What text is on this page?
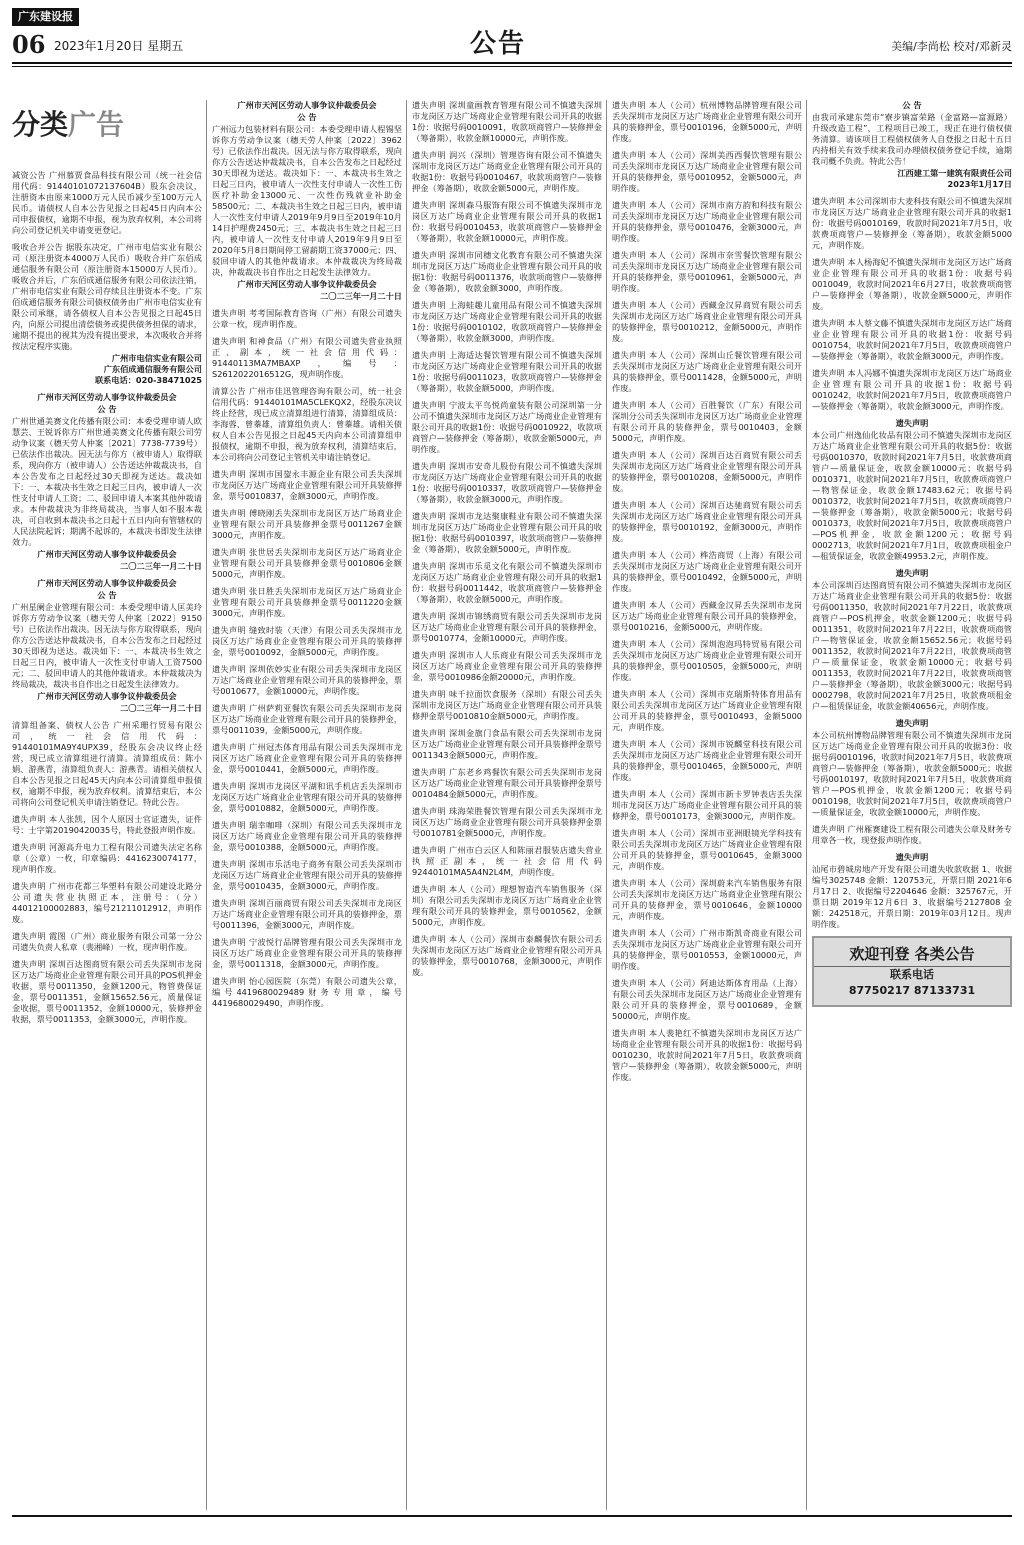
广东建设报
06 2023年1月20日 星期五	公告	美编/李尚松 校对/邓新灵
分类广告

减资公告 广州慕贾食品科技有限公司（统一社会信用代码：91440101072137604B）股东会决议，注册资本由原来1000万元人民币减少至100万元人民币。请债权人自本公告见报之日起45日内向本公司申报债权，逾期不申报，视为放弃权利，本公司将向公司登记机关申请变更登记。

吸收合并公告 据股东决定，广州市电信实业有限公司（原注册资本4000万人民币）吸收合并广东佰成通信服务有限公司（原注册资本15000万人民币）。吸收合并后，广东佰成通信服务有限公司依法注销，广州市电信实业有限公司存续且注册资本不变。广东佰成通信服务有限公司债权债务由广州市电信实业有限公司承继，请各债权人自本公告见报之日起45日内，向原公司提出清偿债务或提供债务担保的请求，逾期不提出的视其为没有提出要求，本次吸收合并将按法定程序实施。

广州市电信实业有限公司
广东佰成通信服务有限公司
联系电话：020-38471025
广州市天河区劳动人事争议仲裁委员会
公 告

广州世通美赛文化传播有限公司：本委受理申请人欧慧芸、王锐诉你方广州世通美赛文化传播有限公司劳动争议案（穗天劳人仲案〔2021〕7738-7739号）已依法作出裁决。因无法与你方（被申请人）取得联系，现向你方（被申请人）公告送达仲裁裁决书，自本公告发布之日起经过30天即视为送达。裁决如下：一、本裁决书生效之日起三日内，被申请人一次性支付申请人工资；二、驳回申请人本案其他仲裁请求。本仲裁裁决为非终局裁决，当事人如不服本裁决，可自收到本裁决书之日起十五日内向有管辖权的人民法院起诉；期满不起诉的，本裁决书即发生法律效力。

广州市天河区劳动人事争议仲裁委员会
二〇二三年一月二十日
广州市天河区劳动人事争议仲裁委员会
公 告

广州星阑企业管理有限公司：本委受理申请人匡美玲诉你方劳动争议案（穗天劳人仲案〔2022〕9150号）已依法作出裁决。因无法与你方取得联系，现向你方公告送达仲裁裁决书，自本公告发布之日起经过30天即视为送达。裁决如下：一、本裁决书生效之日起三日内，被申请人一次性支付申请人工资7500元；二、驳回申请人的其他仲裁请求。本仲裁裁决为终局裁决，裁决书自作出之日起发生法律效力。

广州市天河区劳动人事争议仲裁委员会
二〇二三年一月二十日

清算组备案、债权人公告 广州采珊行贸易有限公司，统一社会信用代码：91440101MA9Y4UPX39，经股东会决议终止经营，现已成立清算组进行清算。清算组成员：陈小娟、游燕青，清算组负责人：游燕青。请相关债权人自本公告见报之日起45天内向本公司清算组申报债权，逾期不申报，视为放弃权利。清算结束后，本公司将向公司登记机关申请注销登记。特此公告。

遗失声明 本人张凯，因个人原因士官证遗失，证件号：士字第20190420035号，特此登报声明作废。

遗失声明 河源高升电力工程有限公司遗失法定名称章（公章）一枚，印章编码：4416230074177，现声明作废。

遗失声明 广州市花都三华塑料有限公司建设北路分公司遗失营业执照正本，注册号：（分）44012100002883，编号21211012912，声明作废。

遗失声明 霞图（广州）商业服务有限公司第一分公司遗失负责人私章（裴湘峰）一枚，现声明作废。

遗失声明 深圳百达图商贸有限公司丢失深圳市龙岗区万达广场商业企业管理有限公司开具的POS机押金收据，票号0011350，金额1200元，物管费保证金，票号0011351，金额15652.56元，质量保证金收据，票号0011352，金额10000元，装修押金收据，票号0011353，金额3000元，声明作废。

广州市天河区劳动人事争议仲裁委员会
公 告

广州远力包装材料有限公司：本委受理申请人程锡坚诉你方劳动争议案（穗天劳人仲案〔2022〕3962号）已依法作出裁决。因无法与你方取得联系，现向你方公告送达仲裁裁决书，自本公告发布之日起经过30天即视为送达。裁决如下：一、本裁决书生效之日起三日内，被申请人一次性支付申请人一次性工伤医疗补助金13000元、一次性伤残就业补助金58500元；二、本裁决书生效之日起三日内，被申请人一次性支付申请人2019年9月9日至2019年10月14日护理费2450元；三、本裁决书生效之日起三日内，被申请人一次性支付申请人2019年9月9日至2020年5月8日期间停工留薪期工资37000元；四、驳回申请人的其他仲裁请求。本仲裁裁决为终局裁决，仲裁裁决书自作出之日起发生法律效力。

广州市天河区劳动人事争议仲裁委员会
二〇二三年一月二十日

遗失声明 考考国际教育咨询（广州）有限公司遗失公章一枚，现声明作废。

遗失声明 和神食品（广州）有限公司遗失营业执照正、副本，统一社会信用代码：91440113MA7MBAXP，编号：S2612022016512G，现声明作废。

清算公告 广州市佳迅管理咨询有限公司，统一社会信用代码：91440101MA5CLEKQX2，经股东决议终止经营，现已成立清算组进行清算，清算组成员：李海蓉、曾蓁雄，清算组负责人：曾蓁雄。请相关债权人自本公告见报之日起45天内向本公司清算组申报债权，逾期不申报，视为放弃权利，清算结束后，本公司将向公司登记主管机关申请注销登记。

遗失声明 深圳市国鋆永丰源企业有限公司丢失深圳市龙岗区万达广场商业企业管理有限公司开具装修押金，票号0010837，金额3000元，声明作废。

遗失声明 傅晓刚丢失深圳市龙岗区万达广场商业企业管理有限公司开具装修押金票号0011267金额3000元，声明作废。

遗失声明 张世居丢失深圳市龙岗区万达广场商业企业管理有限公司开具装修押金票号0010806金额5000元，声明作废。

遗失声明 张日胜丢失深圳市龙岗区万达广场商业企业管理有限公司开具装修押金票号0011220金额3000元，声明作废。

遗失声明 缝致时装（天津）有限公司丢失深圳市龙岗区万达广场商业企业管理有限公司开具的装修押金，票号0010092，金额5000元，声明作废。

遗失声明 深圳依妙实业有限公司丢失深圳市龙岗区万达广场商业企业管理有限公司开具的装修押金，票号0010677，金额10000元，声明作废。

遗失声明 广州萨莉亚餐饮有限公司丢失深圳市龙岗区万达广场商业企业管理有限公司开具的装修押金，票号0011039，金额5000元，声明作废。

遗失声明 广州冠杰体育用品有限公司丢失深圳市龙岗区万达广场商业企业管理有限公司开具的装修押金，票号0010441，金额5000元，声明作废。

遗失声明 深圳市龙岗区平湖和讯手机店丢失深圳市龙岗区万达广场商业企业管理有限公司开具的装修押金，票号0010882，金额5000元，声明作废。

遗失声明 瑞幸咖啡（深圳）有限公司丢失深圳市龙岗区万达广场商业企业管理有限公司开具的装修押金，票号0010388，金额5000元，声明作废。

遗失声明 深圳市乐活电子商务有限公司丢失深圳市龙岗区万达广场商业企业管理有限公司开具的装修押金，票号0010435，金额3000元，声明作废。

遗失声明 深圳百丽商贸有限公司丢失深圳市龙岗区万达广场商业企业管理有限公司开具的装修押金，票号0011396，金额3000元，声明作废。

遗失声明 宁波悦行品牌管理有限公司丢失深圳市龙岗区万达广场商业企业管理有限公司开具的装修押金，票号0011318，金额3000元，声明作废。

遗失声明 怡心园医院（东莞）有限公司遗失公章，编号4419680029489财务专用章，编号4419680029490，声明作废。

遗失声明 深圳童画教育管理有限公司不慎遗失深圳市龙岗区万达广场商业企业管理有限公司开具的收据1份：收据号码0010091，收款项商管户—装修押金（筹备期），收款金额10000元，声明作废。

遗失声明 润兴（深圳）管理咨询有限公司不慎遗失深圳市龙岗区万达广场商业企业管理有限公司开具的收据1份：收据号码0010467，收款项商管户—装修押金（筹备期），收款金额5000元，声明作废。

遗失声明 深圳森马服饰有限公司不慎遗失深圳市龙岗区万达广场商业企业管理有限公司开具的收据1份：收据号码0010453，收款项商管户—装修押金（筹备期），收款金额10000元，声明作废。

遗失声明 深圳市同穗文化教育有限公司不慎遗失深圳市龙岗区万达广场商业企业管理有限公司开具的收据1份：收据号码0011376，收款项商管户—装修押金（筹备期），收款金额3000，声明作废。

遗失声明 上海蛙趣儿童用品有限公司不慎遗失深圳市龙岗区万达广场商业企业管理有限公司开具的收据1份：收据号码0010102，收款项商管户—装修押金（筹备期），收款金额3000，声明作废。

遗失声明 上海适达餐饮管理有限公司不慎遗失深圳市龙岗区万达广场商业企业管理有限公司开具的收据1份：收据号码0011023，收款项商管户—装修押金（筹备期），收款金额5000，声明作废。

遗失声明 宁波太平鸟悦尚童装有限公司深圳第一分公司不慎遗失深圳市龙岗区万达广场商业企业管理有限公司开具的收据1份：收据号码0010922，收款项商管户—装修押金（筹备期），收款金额5000元，声明作废。

遗失声明 深圳市安奇儿股份有限公司不慎遗失深圳市龙岗区万达广场商业企业管理有限公司开具的收据1份：收据号码0010337，收款项商管户—装修押金（筹备期），收款金额3000元，声明作废。

遗失声明 深圳市龙达聚康鞋业有限公司不慎遗失深圳市龙岗区万达广场商业企业管理有限公司开具的收据1份：收据号码0010397，收款项商管户—装修押金（筹备期），收款金额5000元，声明作废。

遗失声明 深圳市乐觅文化有限公司不慎遗失深圳市龙岗区万达广场商业企业管理有限公司开具的收据1份：收据号码0011442，收款项商管户—装修押金（筹备期），收款金额5000元，声明作废。

遗失声明 深圳市锦绣商贸有限公司丢失深圳市龙岗区万达广场商业企业管理有限公司开具的装修押金，票号0010774，金额10000元，声明作废。

遗失声明 深圳市人人乐商业有限公司丢失深圳市龙岗区万达广场商业企业管理有限公司开具的装修押金，票号0010986金额20000元，声明作废。

遗失声明 味千拉面饮食服务（深圳）有限公司丢失深圳市龙岗区万达广场商业企业管理有限公司开具装修押金票号0010810金额5000元，声明作废。

遗失声明 深圳金旗门食品有限公司丢失深圳市龙岗区万达广场商业企业管理有限公司开具装修押金票号0011343金额5000元，声明作废。

遗失声明 广东老乡鸡餐饮有限公司丢失深圳市龙岗区万达广场商业企业管理有限公司开具装修押金票号0010484金额5000元，声明作废。

遗失声明 珠海荣胜餐饮管理有限公司丢失深圳市龙岗区万达广场商业企业管理有限公司开具装修押金票号0010781金额5000元，声明作废。

遗失声明 广州市白云区人和陈丽君服装店遗失营业执照正副本，统一社会信用代码92440101MA5A4N2L4M，声明作废。

遗失声明 本人（公司）理想智造汽车销售服务（深圳）有限公司丢失深圳市龙岗区万达广场商业企业管理有限公司开具的装修押金，票号0010562，金额5000元，声明作废。

遗失声明 本人（公司）深圳市泰麟餐饮有限公司丢失深圳市龙岗区万达广场商业企业管理有限公司开具的装修押金，票号0010768，金额3000元，声明作废。

遗失声明 本人（公司）杭州博物品牌管理有限公司丢失深圳市龙岗区万达广场商业企业管理有限公司开具的装修押金，票号0010196，金额5000元，声明作废。

遗失声明 本人（公司）深圳美西西餐饮管理有限公司丢失深圳市龙岗区万达广场商业企业管理有限公司开具的装修押金，票号0010952，金额5000元，声明作废。

遗失声明 本人（公司）深圳市南方韵和科技有限公司丢失深圳市龙岗区万达广场商业企业管理有限公司开具的装修押金，票号0010476，金额3000元，声明作废。

遗失声明 本人（公司）深圳市奈雪餐饮管理有限公司丢失深圳市龙岗区万达广场商业企业管理有限公司开具的装修押金，票号0010961，金额5000元，声明作废。

遗失声明 本人（公司）西藏金汉昇商贸有限公司丢失深圳市龙岗区万达广场商业企业管理有限公司开具的装修押金，票号0010212，金额5000元，声明作废。

遗失声明 本人（公司）深圳山丘餐饮管理有限公司丢失深圳市龙岗区万达广场商业企业管理有限公司开具的装修押金，票号0011428，金额5000元，声明作废。

遗失声明 本人（公司）百胜餐饮（广东）有限公司深圳分公司丢失深圳市龙岗区万达广场商业企业管理有限公司开具的装修押金，票号0010403，金额5000元，声明作废。

遗失声明 本人（公司）深圳百达百商贸有限公司丢失深圳市龙岗区万达广场商业企业管理有限公司开具的装修押金，票号0010208，金额5000元，声明作废。

遗失声明 本人（公司）深圳百达驰商贸有限公司丢失深圳市龙岗区万达广场商业企业管理有限公司开具的装修押金，票号0010192，金额3000元，声明作废。

遗失声明 本人（公司）桦浩商贸（上海）有限公司丢失深圳市龙岗区万达广场商业企业管理有限公司开具的装修押金，票号0010492，金额5000元，声明作废。

遗失声明 本人（公司）西藏金汉昇丢失深圳市龙岗区万达广场商业企业管理有限公司开具的装修押金，票号0010216，金额5000元，声明作废。

遗失声明 本人（公司）深圳泡泡玛特贸易有限公司丢失深圳市龙岗区万达广场商业企业管理有限公司开具的装修押金，票号0010505，金额5000元，声明作废。

遗失声明 本人（公司）深圳市克瑞斯特体育用品有限公司丢失深圳市龙岗区万达广场商业企业管理有限公司开具的装修押金，票号0010493，金额5000元，声明作废。

遗失声明 本人（公司）深圳市锐麟堂科技有限公司丢失深圳市龙岗区万达广场商业企业管理有限公司开具的装修押金，票号0010465，金额5000元，声明作废。

遗失声明 本人（公司）深圳市新卡罗钟表店丢失深圳市龙岗区万达广场商业企业管理有限公司开具的装修押金，票号0010173，金额3000元，声明作废。

遗失声明 本人（公司）深圳市亚洲眼镜光学科技有限公司丢失深圳市龙岗区万达广场商业企业管理有限公司开具的装修押金，票号0010645，金额3000元，声明作废。

遗失声明 本人（公司）深圳蔚来汽车销售服务有限公司丢失深圳市龙岗区万达广场商业企业管理有限公司开具的装修押金，票号0010646，金额10000元，声明作废。

遗失声明 本人（公司）广州市斯凯奇商业有限公司丢失深圳市龙岗区万达广场商业企业管理有限公司开具的装修押金，票号0010553，金额10000元，声明作废。

遗失声明 本人（公司）阿迪达斯体育用品（上海）有限公司丢失深圳市龙岗区万达广场商业企业管理有限公司开具的装修押金，票号0010689，金额50000元，声明作废。

遗失声明 本人裴艳红不慎遗失深圳市龙岗区万达广场商业企业管理有限公司开具的收据1份：收据号码0010230，收款时间2021年7月5日，收款费项商管户—装修押金（筹备期），收款金额5000元，声明作废。

公 告

由我司承建东莞市“寮步镇富荣路（金富路—富源路）升级改造工程”，工程项目已竣工，现正在进行债权债务清算。请该项目工程债权债务人自登报之日起十五日内持相关有效手续来我司办理债权债务登记手续，逾期我司概不负责。特此公告！

江西建工第一建筑有限责任公司
2023年1月17日

遗失声明 本公司深圳市大麦科技有限公司不慎遗失深圳市龙岗区万达广场商业企业管理有限公司开具的收据1份：收据号码0010169，收款时间2021年7月5日，收款费项商管户—装修押金（筹备期），收款金额5000元，声明作废。

遗失声明 本人杨海妃不慎遗失深圳市龙岗区万达广场商业企业管理有限公司开具的收据1份：收据号码0010049，收款时间2021年6月27日，收款费项商管户—装修押金（筹备期），收款金额5000元，声明作废。

遗失声明 本人蔡文藤不慎遗失深圳市龙岗区万达广场商业企业管理有限公司开具的收据1份：收据号码0010754，收款时间2021年7月5日，收款费项商管户—装修押金（筹备期），收款金额3000元，声明作废。

遗失声明 本人冯娜不慎遗失深圳市龙岗区万达广场商业企业管理有限公司开具的收据1份：收据号码0010242，收款时间2021年7月5日，收款费项商管户—装修押金（筹备期），收款金额3000元，声明作废。

遗失声明

本公司广州逸仙化妆品有限公司不慎遗失深圳市龙岗区万达广场商业企业管理有限公司开具的收据5份：收据号码0010370，收款时间2021年7月5日，收款费项商管户—质量保证金，收款金额10000元；收据号码0010371，收款时间2021年7月5日，收款费项商管户—物管保证金，收款金额17483.62元；收据号码0010372，收款时间2021年7月5日，收款费项商管户—装修押金（筹备期），收款金额5000元；收据号码0010373，收款时间2021年7月5日，收款费项商管户—POS机押金，收款金额1200元；收据号码0002713，收款时间2021年7月1日，收款费项租金户—租赁保证金，收款金额49953.2元，声明作废。

遗失声明

本公司深圳百达图商贸有限公司不慎遗失深圳市龙岗区万达广场商业企业管理有限公司开具的收据5份：收据号码0011350，收款时间2021年7月22日，收款费项商管户—POS机押金，收款金额1200元；收据号码0011351，收款时间2021年7月22日，收款费项商管户—物管保证金，收款金额15652.56元；收据号码0011352，收款时间2021年7月22日，收款费项商管户—质量保证金，收款金额10000元；收据号码0011353，收款时间2021年7月22日，收款费项商管户—装修押金（筹备期），收款金额3000元；收据号码0002798，收款时间2021年7月25日，收款费项租金户—租赁保证金，收款金额40656元，声明作废。

遗失声明

本公司杭州博物品牌管理有限公司不慎遗失深圳市龙岗区万达广场商业企业管理有限公司开具的收据3份：收据号码0010196，收款时间2021年7月5日，收款费项商管户—装修押金（筹备期），收款金额5000元；收据号码0010197，收款时间2021年7月5日，收款费项商管户—POS机押金，收款金额1200元；收据号码0010198，收款时间2021年7月5日，收款费项商管户—质量保证金，收款金额10000元，声明作废。

遗失声明 广州雁赛建设工程有限公司遗失公章及财务专用章各一枚，现登报声明作废。

遗失声明

汕尾市碧城房地产开发有限公司遗失收款收据 1、收据编号3025748 金额：120753元，开票日期 2021年6月17日 2、收据编号2204646 金额：325767元，开票日期 2019年12月6日 3、收据编号2127808 金额：242518元，开票日期：2019年03月12日。现声明作废。

欢迎刊登 各类公告
联系电话
87750217 87133731
